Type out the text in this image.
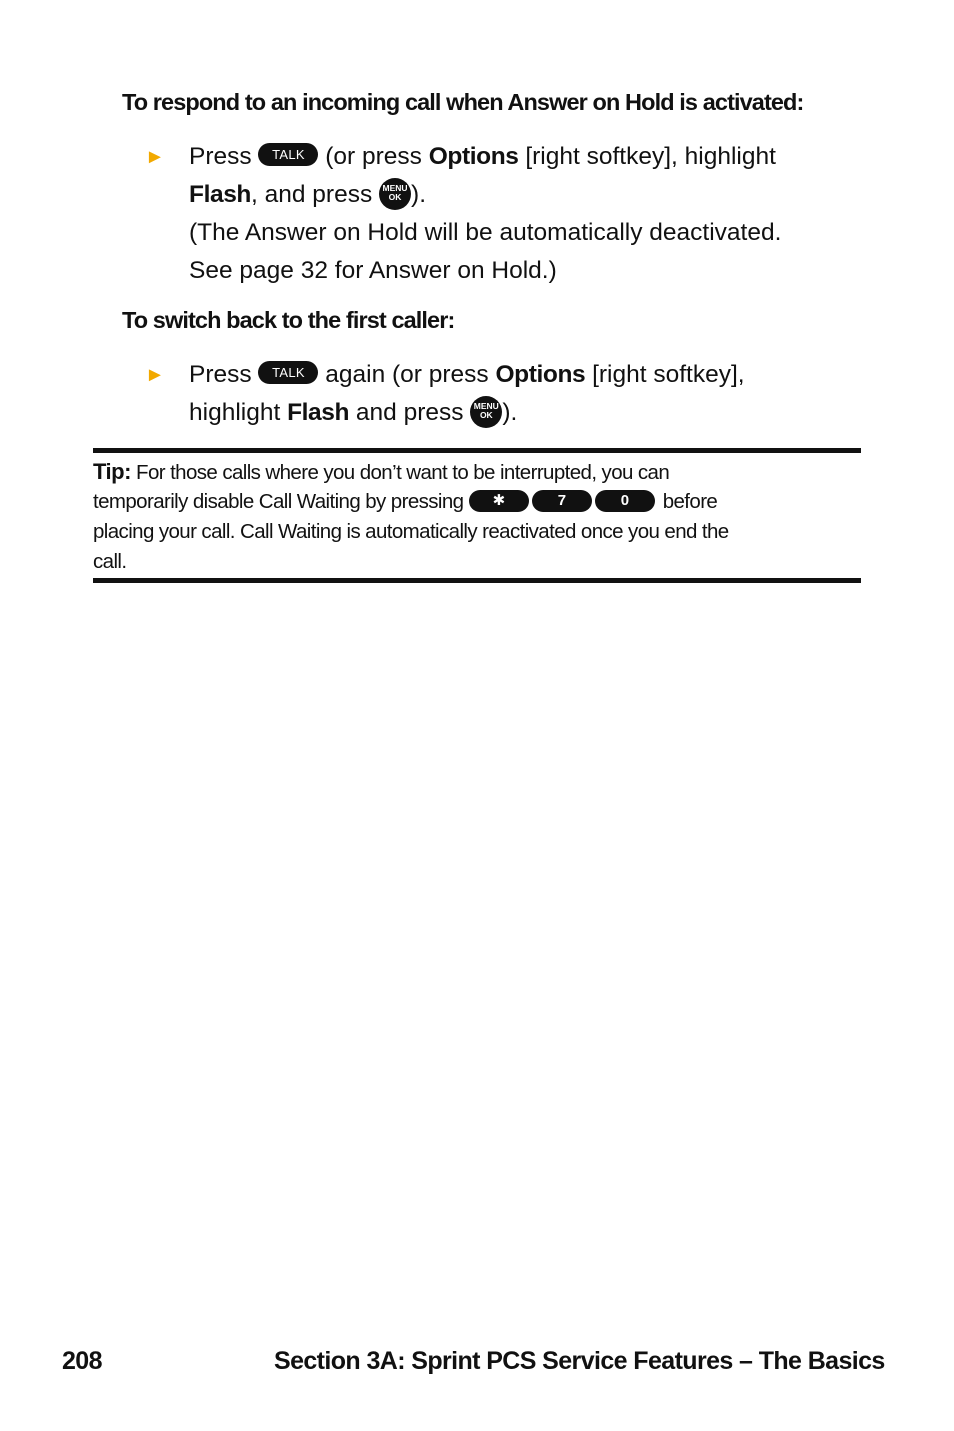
To respond to an incoming call when Answer on Hold is activated:
► Press TALK (or press Options [right softkey], highlight
Flash, and press	MENU
OK ).
(The Answer on Hold will be automatically deactivated.
See page 32 for Answer on Hold.)
To switch back to the first caller:
► Press TALK again (or press Options [right softkey],
highlight Flash and press	MENU
OK ).
Tip: For those calls where you don’t want to be interrupted, you can
temporarily disable Call Waiting by pressing ✱	7	0 before
placing your call. Call Waiting is automatically reactivated once you end the
call.
208	Section 3A: Sprint PCS Service Features – The Basics
